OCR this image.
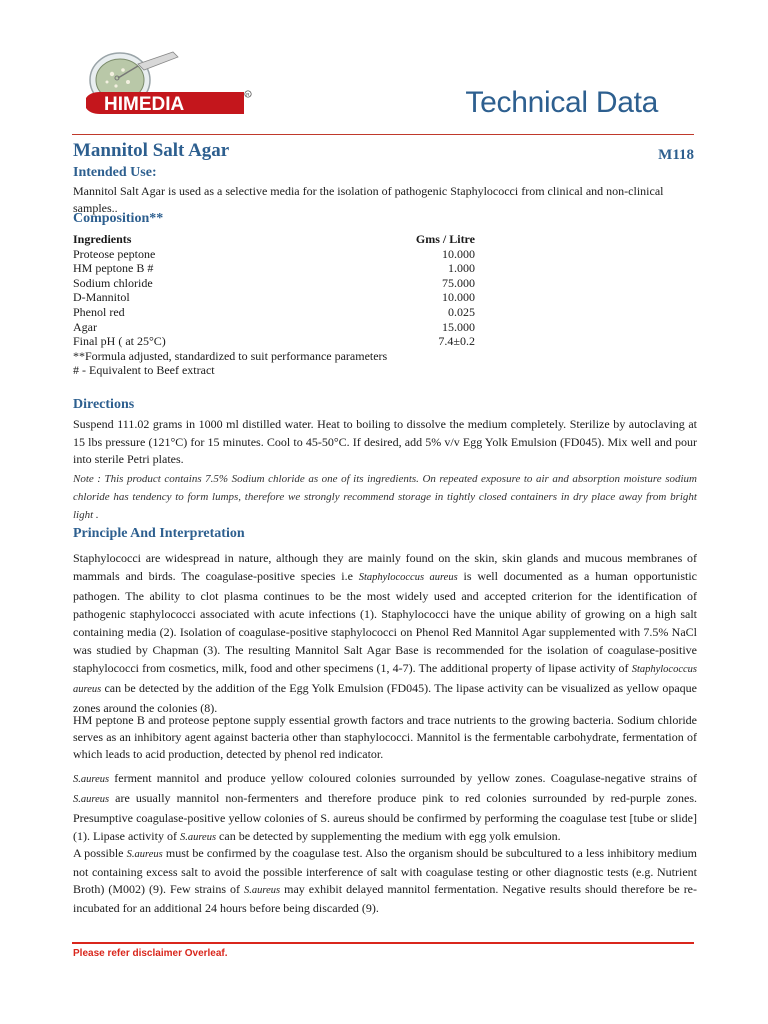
HIMEDIA	R	Technical Data
Mannitol Salt Agar	M118
Intended Use:
Mannitol Salt Agar is used as a selective media for the isolation of pathogenic Staphylococci from clinical and non-clinical samples..
Composition**
Ingredients	Gms / Litre
Proteose peptone	10.000
HM peptone B #	1.000
Sodium chloride	75.000
D-Mannitol	10.000
Phenol red	0.025
Agar	15.000
Final pH ( at 25°C)	7.4±0.2
**Formula adjusted, standardized to suit performance parameters
# - Equivalent to Beef extract
Directions
Suspend 111.02 grams in 1000 ml distilled water. Heat to boiling to dissolve the medium completely. Sterilize by autoclaving at 15 lbs pressure (121°C) for 15 minutes. Cool to 45-50°C. If desired, add 5% v/v Egg Yolk Emulsion (FD045). Mix well and pour into sterile Petri plates.
Note : This product contains 7.5% Sodium chloride as one of its ingredients. On repeated exposure to air and absorption moisture sodium chloride has tendency to form lumps, therefore we strongly recommend storage in tightly closed containers in dry place away from bright light .
Principle And Interpretation
Staphylococci are widespread in nature, although they are mainly found on the skin, skin glands and mucous membranes of mammals and birds. The coagulase-positive species i.e Staphylococcus aureus is well documented as a human opportunistic pathogen. The ability to clot plasma continues to be the most widely used and accepted criterion for the identification of pathogenic staphylococci associated with acute infections (1). Staphylococci have the unique ability of growing on a high salt containing media (2). Isolation of coagulase-positive staphylococci on Phenol Red Mannitol Agar supplemented with 7.5% NaCl was studied by Chapman (3). The resulting Mannitol Salt Agar Base is recommended for the isolation of coagulase-positive staphylococci from cosmetics, milk, food and other specimens (1, 4-7). The additional property of lipase activity of Staphylococcus aureus can be detected by the addition of the Egg Yolk Emulsion (FD045). The lipase activity can be visualized as yellow opaque zones around the colonies (8).
HM peptone B and proteose peptone supply essential growth factors and trace nutrients to the growing bacteria. Sodium chloride serves as an inhibitory agent against bacteria other than staphylococci. Mannitol is the fermentable carbohydrate, fermentation of which leads to acid production, detected by phenol red indicator.
S.aureus ferment mannitol and produce yellow coloured colonies surrounded by yellow zones. Coagulase-negative strains of S.aureus are usually mannitol non-fermenters and therefore produce pink to red colonies surrounded by red-purple zones. Presumptive coagulase-positive yellow colonies of S. aureus should be confirmed by performing the coagulase test [tube or slide](1). Lipase activity of S.aureus can be detected by supplementing the medium with egg yolk emulsion.
A possible S.aureus must be confirmed by the coagulase test. Also the organism should be subcultured to a less inhibitory medium not containing excess salt to avoid the possible interference of salt with coagulase testing or other diagnostic tests (e.g. Nutrient Broth) (M002) (9). Few strains of S.aureus may exhibit delayed mannitol fermentation. Negative results should therefore be re-incubated for an additional 24 hours before being discarded (9).
Please refer disclaimer Overleaf.
